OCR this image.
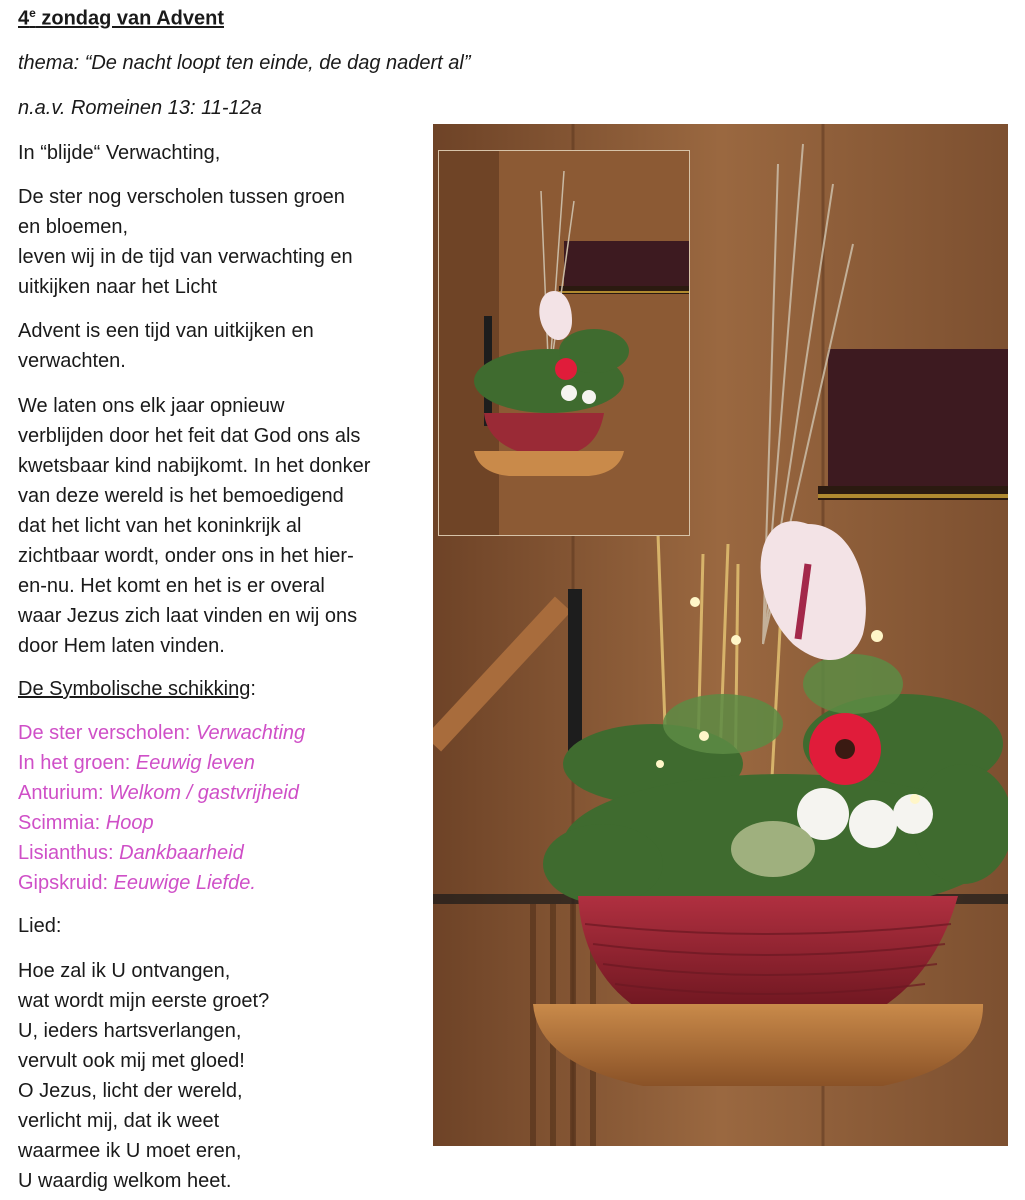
4e zondag van Advent

thema: “De nacht loopt ten einde, de dag nadert al”

n.a.v. Romeinen 13: 11-12a

In “blijde“ Verwachting,

De ster nog verscholen tussen groen
en bloemen,
leven wij in de tijd van verwachting en
uitkijken naar het Licht
Advent is een tijd van uitkijken en
verwachten.
We laten ons elk jaar opnieuw
verblijden door het feit dat God ons als
kwetsbaar kind nabijkomt. In het donker
van deze wereld is het bemoedigend
dat het licht van het koninkrijk al
zichtbaar wordt, onder ons in het hier-
en-nu. Het komt en het is er overal
waar Jezus zich laat vinden en wij ons
door Hem laten vinden.

De Symbolische schikking:

De ster verscholen: Verwachting
In het groen: Eeuwig leven
Anturium: Welkom / gastvrijheid
Scimmia: Hoop
Lisianthus: Dankbaarheid
Gipskruid: Eeuwige Liefde.

Lied:

Hoe zal ik U ontvangen,
wat wordt mijn eerste groet?
U, ieders hartsverlangen,
vervult ook mij met gloed!
O Jezus, licht der wereld,
verlicht mij, dat ik weet
waarmee ik U moet eren,
U waardig welkom heet.
